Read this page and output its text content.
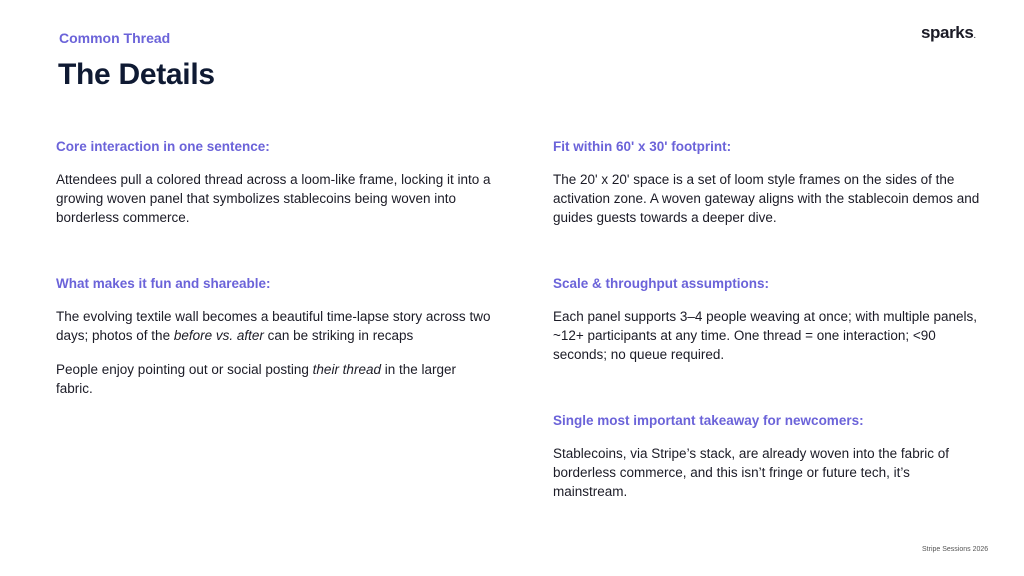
Common Thread	sparks.
The Details
Core interaction in one sentence:

Attendees pull a colored thread across a loom-like frame, locking it into a growing woven panel that symbolizes stablecoins being woven into borderless commerce.

What makes it fun and shareable:

The evolving textile wall becomes a beautiful time-lapse story across two days; photos of the before vs. after can be striking in recaps

People enjoy pointing out or social posting their thread in the larger fabric.

Fit within 60' x 30' footprint:

The 20' x 20' space is a set of loom style frames on the sides of the activation zone. A woven gateway aligns with the stablecoin demos and guides guests towards a deeper dive.

Scale & throughput assumptions:

Each panel supports 3–4 people weaving at once; with multiple panels, ~12+ participants at any time. One thread = one interaction; <90 seconds; no queue required.

Single most important takeaway for newcomers:

Stablecoins, via Stripe’s stack, are already woven into the fabric of borderless commerce, and this isn’t fringe or future tech, it’s mainstream.

Stripe Sessions 2026
